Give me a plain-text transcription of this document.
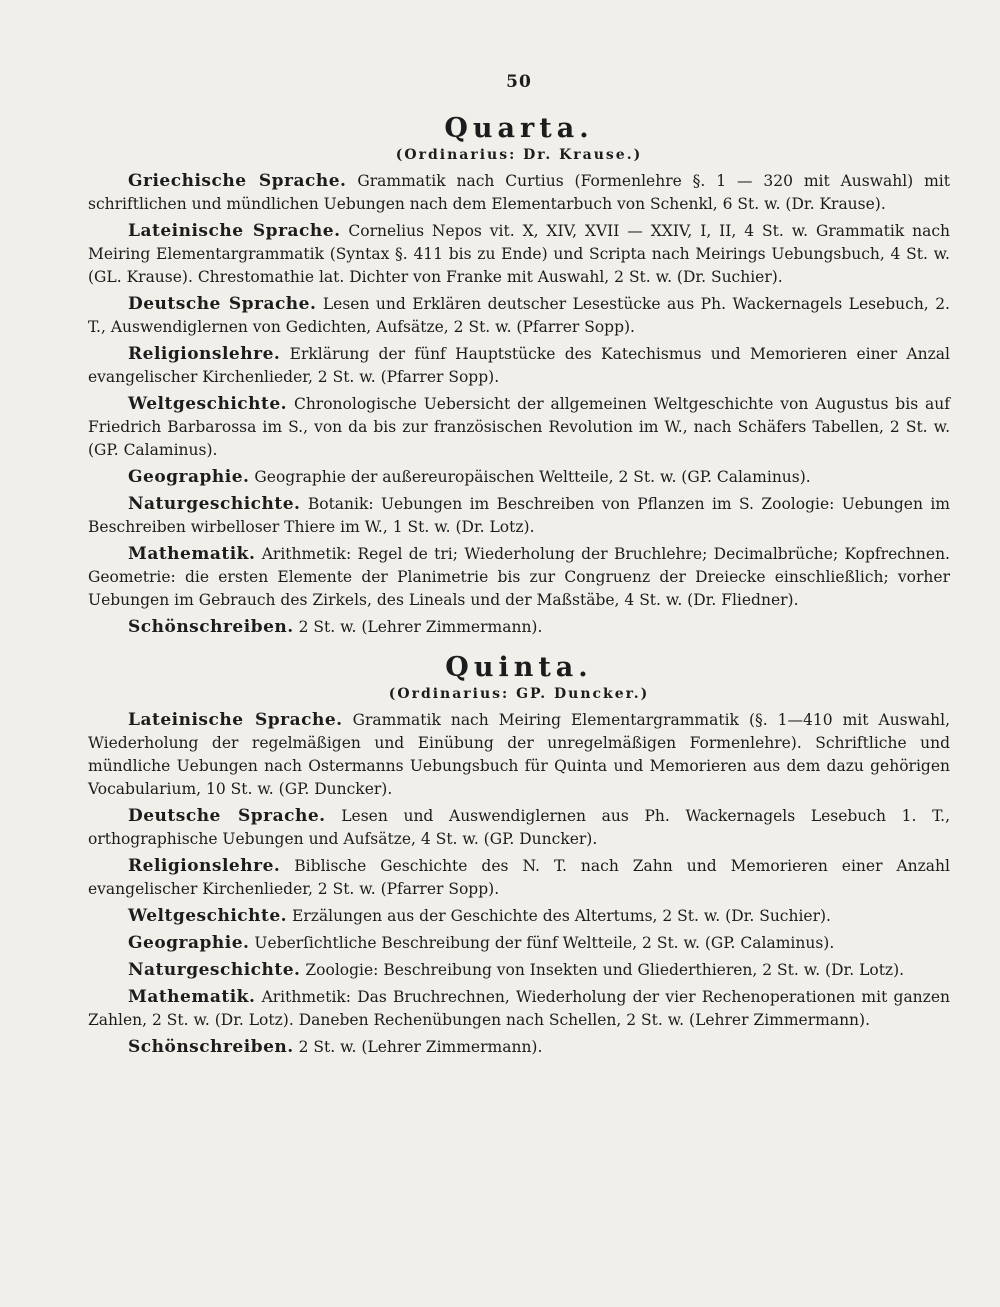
50
Quarta.
(Ordinarius: Dr. Krause.)

Griechische Sprache. Grammatik nach Curtius (Formenlehre §. 1 — 320 mit Auswahl) mit schriftlichen und mündlichen Uebungen nach dem Elementarbuch von Schenkl, 6 St. w. (Dr. Krause).

Lateinische Sprache. Cornelius Nepos vit. X, XIV, XVII — XXIV, I, II, 4 St. w. Grammatik nach Meiring Elementargrammatik (Syntax §. 411 bis zu Ende) und Scripta nach Meirings Uebungsbuch, 4 St. w. (GL. Krause). Chrestomathie lat. Dichter von Franke mit Auswahl, 2 St. w. (Dr. Suchier).

Deutsche Sprache. Lesen und Erklären deutscher Lesestücke aus Ph. Wackernagels Lesebuch, 2. T., Auswendiglernen von Gedichten, Aufsätze, 2 St. w. (Pfarrer Sopp).

Religionslehre. Erklärung der fünf Hauptstücke des Katechismus und Memorieren einer Anzal evangelischer Kirchenlieder, 2 St. w. (Pfarrer Sopp).

Weltgeschichte. Chronologische Uebersicht der allgemeinen Weltgeschichte von Augustus bis auf Friedrich Barbarossa im S., von da bis zur französischen Revolution im W., nach Schäfers Tabellen, 2 St. w. (GP. Calaminus).

Geographie. Geographie der außereuropäischen Weltteile, 2 St. w. (GP. Calaminus).

Naturgeschichte. Botanik: Uebungen im Beschreiben von Pflanzen im S. Zoologie: Uebungen im Beschreiben wirbelloser Thiere im W., 1 St. w. (Dr. Lotz).

Mathematik. Arithmetik: Regel de tri; Wiederholung der Bruchlehre; Decimalbrüche; Kopfrechnen. Geometrie: die ersten Elemente der Planimetrie bis zur Congruenz der Dreiecke einschließlich; vorher Uebungen im Gebrauch des Zirkels, des Lineals und der Maßstäbe, 4 St. w. (Dr. Fliedner).

Schönschreiben. 2 St. w. (Lehrer Zimmermann).

Quinta.
(Ordinarius: GP. Duncker.)

Lateinische Sprache. Grammatik nach Meiring Elementargrammatik (§. 1—410 mit Auswahl, Wiederholung der regelmäßigen und Einübung der unregelmäßigen Formenlehre). Schriftliche und mündliche Uebungen nach Ostermanns Uebungsbuch für Quinta und Memorieren aus dem dazu gehörigen Vocabularium, 10 St. w. (GP. Duncker).

Deutsche Sprache. Lesen und Auswendiglernen aus Ph. Wackernagels Lesebuch 1. T., orthographische Uebungen und Aufsätze, 4 St. w. (GP. Duncker).

Religionslehre. Biblische Geschichte des N. T. nach Zahn und Memorieren einer Anzahl evangelischer Kirchenlieder, 2 St. w. (Pfarrer Sopp).

Weltgeschichte. Erzälungen aus der Geschichte des Altertums, 2 St. w. (Dr. Suchier).

Geographie. Ueberſichtliche Beschreibung der fünf Weltteile, 2 St. w. (GP. Calaminus).

Naturgeschichte. Zoologie: Beschreibung von Insekten und Gliederthieren, 2 St. w. (Dr. Lotz).

Mathematik. Arithmetik: Das Bruchrechnen, Wiederholung der vier Rechenoperationen mit ganzen Zahlen, 2 St. w. (Dr. Lotz). Daneben Rechenübungen nach Schellen, 2 St. w. (Lehrer Zimmermann).

Schönschreiben. 2 St. w. (Lehrer Zimmermann).
